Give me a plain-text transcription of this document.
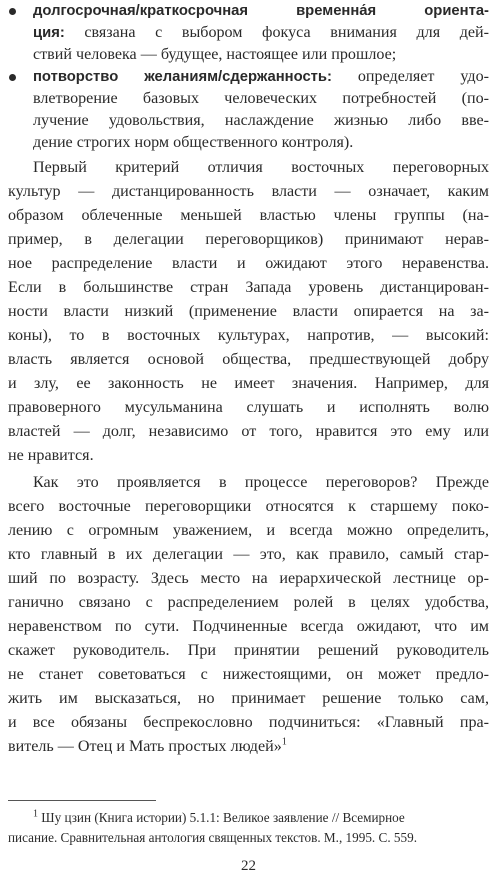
долгосрочная/краткосрочная временна́я ориента-
ция: связана с выбором фокуса внимания для дей-
ствий человека — будущее, настоящее или прошлое;
потворство желаниям/сдержанность: определяет удо-
влетворение базовых человеческих потребностей (по-
лучение удовольствия, наслаждение жизнью либо вве-
дение строгих норм общественного контроля).
Первый критерий отличия восточных переговорных
культур — дистанцированность власти — означает, каким
образом облеченные меньшей властью члены группы (на-
пример, в делегации переговорщиков) принимают нерав-
ное распределение власти и ожидают этого неравенства.
Если в большинстве стран Запада уровень дистанцирован-
ности власти низкий (применение власти опирается на за-
коны), то в восточных культурах, напротив, — высокий:
власть является основой общества, предшествующей добру
и злу, ее законность не имеет значения. Например, для
правоверного мусульманина слушать и исполнять волю
властей — долг, независимо от того, нравится это ему или
не нравится.
Как это проявляется в процессе переговоров? Прежде
всего восточные переговорщики относятся к старшему поко-
лению с огромным уважением, и всегда можно определить,
кто главный в их делегации — это, как правило, самый стар-
ший по возрасту. Здесь место на иерархической лестнице ор-
ганично связано с распределением ролей в целях удобства,
неравенством по сути. Подчиненные всегда ожидают, что им
скажет руководитель. При принятии решений руководитель
не станет советоваться с нижестоящими, он может предло-
жить им высказаться, но принимает решение только сам,
и все обязаны беспрекословно подчиниться: «Главный пра-
витель — Отец и Мать простых людей»$^1$
$^1$ Шу цзин (Книга истории) 5.1.1: Великое заявление // Всемирное
писание. Сравнительная антология священных текстов. М., 1995. С. 559.
22
